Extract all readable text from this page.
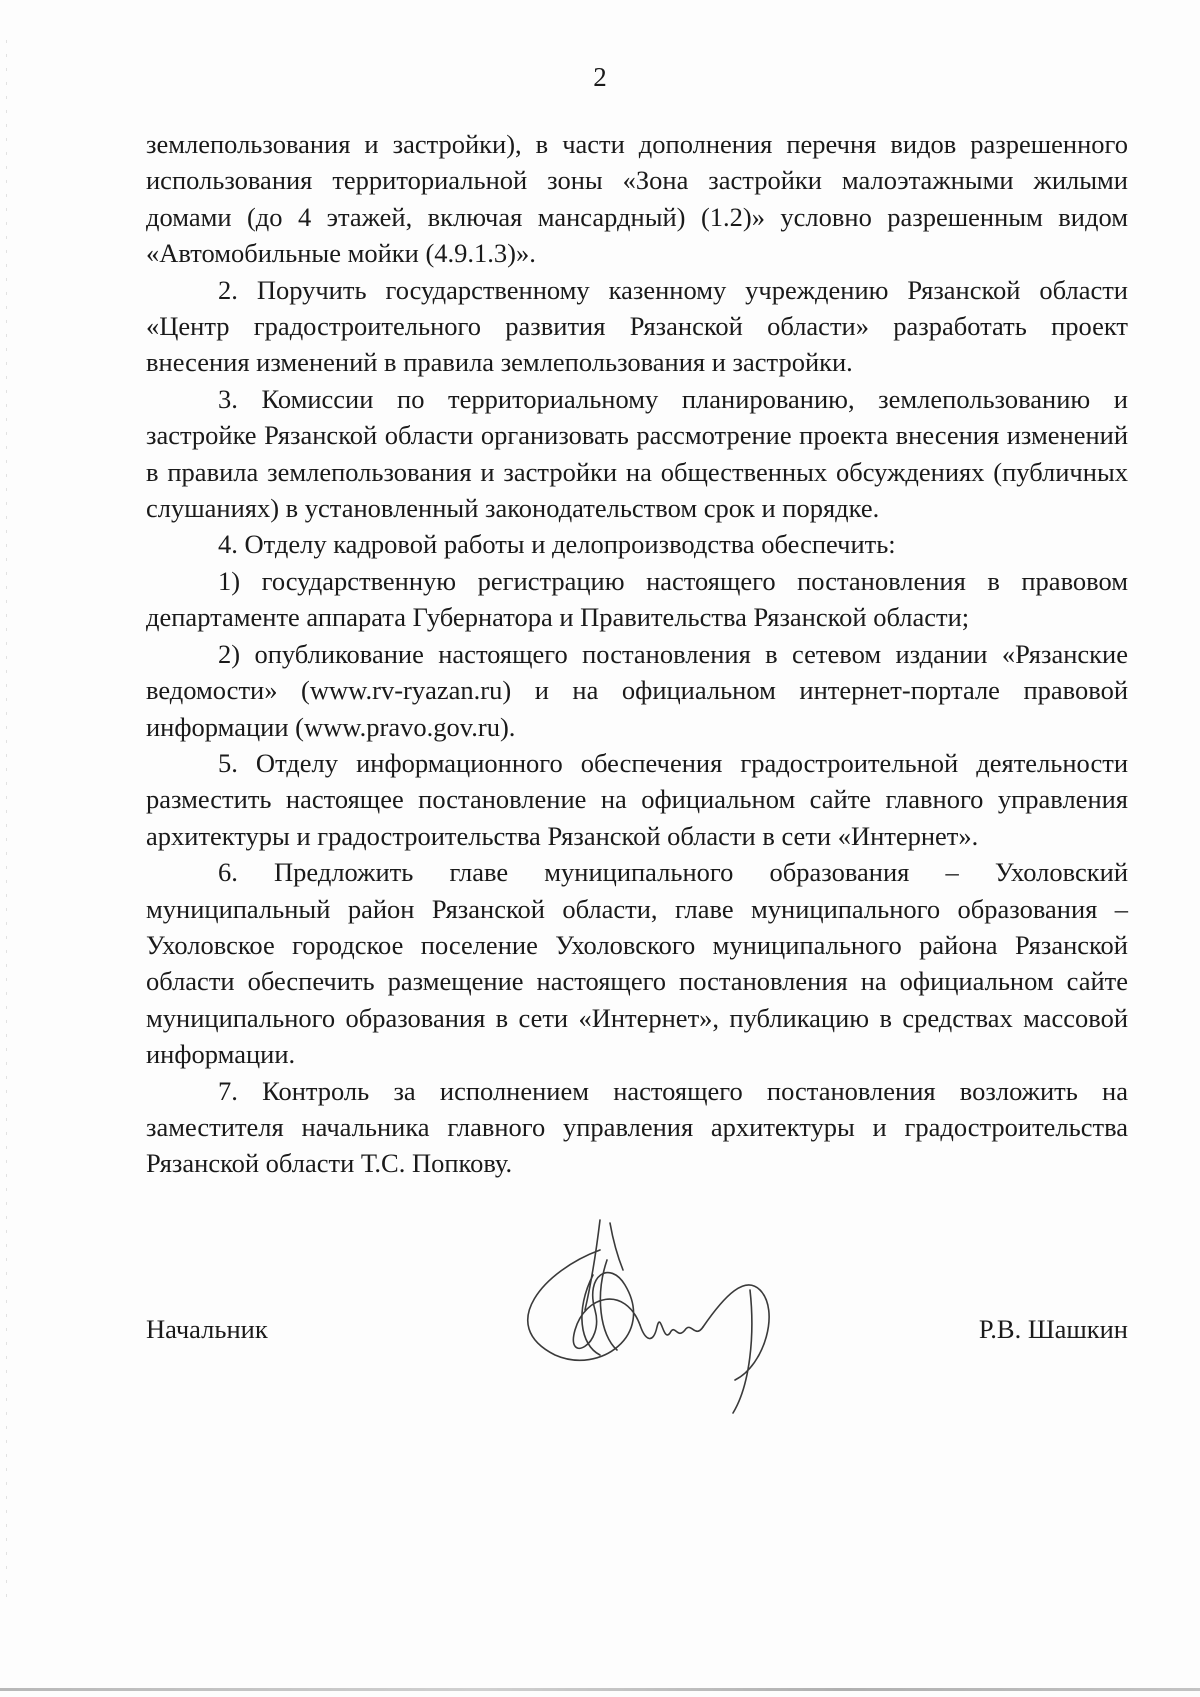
2

землепользования и застройки), в части дополнения перечня видов разрешенного использования территориальной зоны «Зона застройки малоэтажными жилыми домами (до 4 этажей, включая мансардный) (1.2)» условно разрешенным видом «Автомобильные мойки (4.9.1.3)».

2. Поручить государственному казенному учреждению Рязанской области «Центр градостроительного развития Рязанской области» разработать проект внесения изменений в правила землепользования и застройки.

3. Комиссии по территориальному планированию, землепользованию и застройке Рязанской области организовать рассмотрение проекта внесения изменений в правила землепользования и застройки на общественных обсуждениях (публичных слушаниях) в установленный законодательством срок и порядке.

4. Отделу кадровой работы и делопроизводства обеспечить:

1) государственную регистрацию настоящего постановления в правовом департаменте аппарата Губернатора и Правительства Рязанской области;

2) опубликование настоящего постановления в сетевом издании «Рязанские ведомости» (www.rv-ryazan.ru) и на официальном интернет-портале правовой информации (www.pravo.gov.ru).

5. Отделу информационного обеспечения градостроительной деятельности разместить настоящее постановление на официальном сайте главного управления архитектуры и градостроительства Рязанской области в сети «Интернет».

6. Предложить главе муниципального образования – Ухоловский муниципальный район Рязанской области, главе муниципального образования – Ухоловское городское поселение Ухоловского муниципального района Рязанской области обеспечить размещение настоящего постановления на официальном сайте муниципального образования в сети «Интернет», публикацию в средствах массовой информации.

7. Контроль за исполнением настоящего постановления возложить на заместителя начальника главного управления архитектуры и градостроительства Рязанской области Т.С. Попкову.

Начальник	Р.В. Шашкин
